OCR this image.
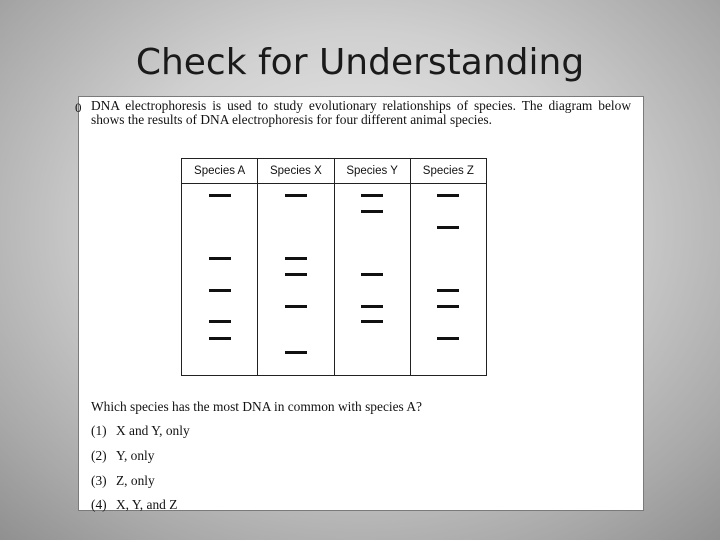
Check for Understanding
0 DNA electrophoresis is used to study evolutionary relationships of species. The diagram below shows the results of DNA electrophoresis for four different animal species.
Species A	Species X	Species Y	Species Z

Which species has the most DNA in common with species A?
(1) X and Y, only
(2) Y, only
(3) Z, only
(4) X, Y, and Z
